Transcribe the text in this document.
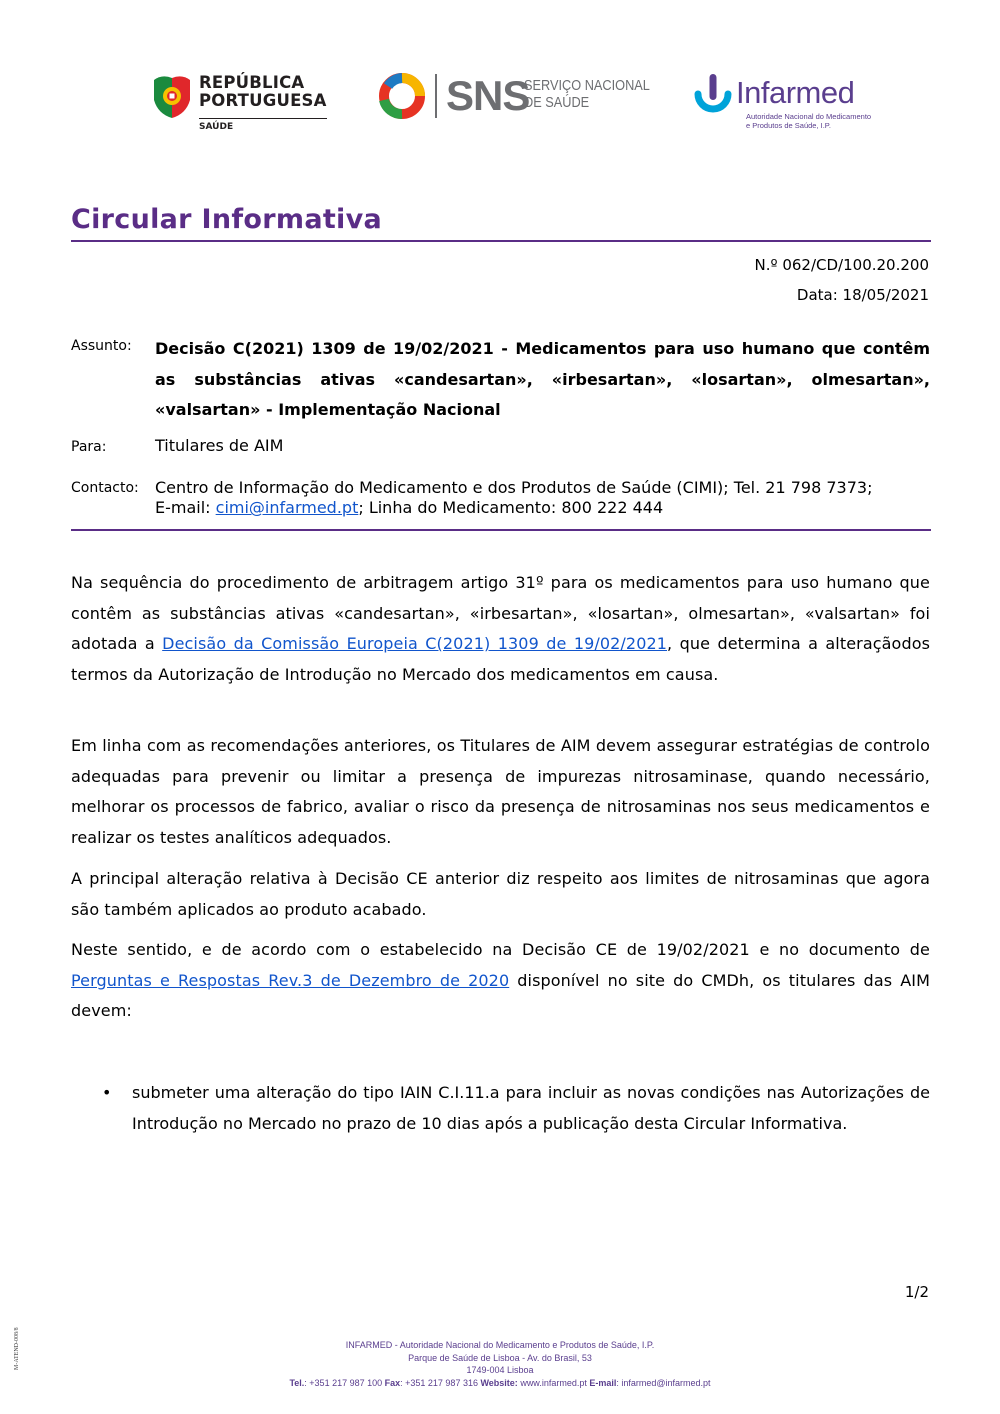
REPÚBLICA
PORTUGUESA
SAÚDE
SNS
SERVIÇO NACIONAL
DE SAÚDE	Infarmed
Autoridade Nacional do Medicamento
e Produtos de Saúde, I.P.
Circular Informativa
N.º 062/CD/100.20.200
Data: 18/05/2021
Assunto: Decisão C(2021) 1309 de 19/02/2021 - Medicamentos para uso humano que contêm as substâncias ativas «candesartan», «irbesartan», «losartan», olmesartan», «valsartan» - Implementação Nacional
Para:	Titulares de AIM
Contacto: Centro de Informação do Medicamento e dos Produtos de Saúde (CIMI); Tel. 21 798 7373;
E-mail: cimi@infarmed.pt; Linha do Medicamento: 800 222 444
Na sequência do procedimento de arbitragem artigo 31º para os medicamentos para uso humano que contêm as substâncias ativas «candesartan», «irbesartan», «losartan», olmesartan», «valsartan» foi adotada a Decisão da Comissão Europeia C(2021) 1309 de 19/02/2021, que determina a alteraçãodos termos da Autorização de Introdução no Mercado dos medicamentos em causa.
Em linha com as recomendações anteriores, os Titulares de AIM devem assegurar estratégias de controlo adequadas para prevenir ou limitar a presença de impurezas nitrosaminase, quando necessário, melhorar os processos de fabrico, avaliar o risco da presença de nitrosaminas nos seus medicamentos e realizar os testes analíticos adequados.
A principal alteração relativa à Decisão CE anterior diz respeito aos limites de nitrosaminas que agora são também aplicados ao produto acabado.
Neste sentido, e de acordo com o estabelecido na Decisão CE de 19/02/2021 e no documento de Perguntas e Respostas Rev.3 de Dezembro de 2020 disponível no site do CMDh, os titulares das AIM devem:
• submeter uma alteração do tipo IAIN C.I.11.a para incluir as novas condições nas Autorizações de Introdução no Mercado no prazo de 10 dias após a publicação desta Circular Informativa.
1/2
M-ATEND-008/8	INFARMED - Autoridade Nacional do Medicamento e Produtos de Saúde, I.P.
Parque de Saúde de Lisboa - Av. do Brasil, 53
1749-004 Lisboa
Tel.: +351 217 987 100 Fax: +351 217 987 316 Website: www.infarmed.pt E-mail: infarmed@infarmed.pt
